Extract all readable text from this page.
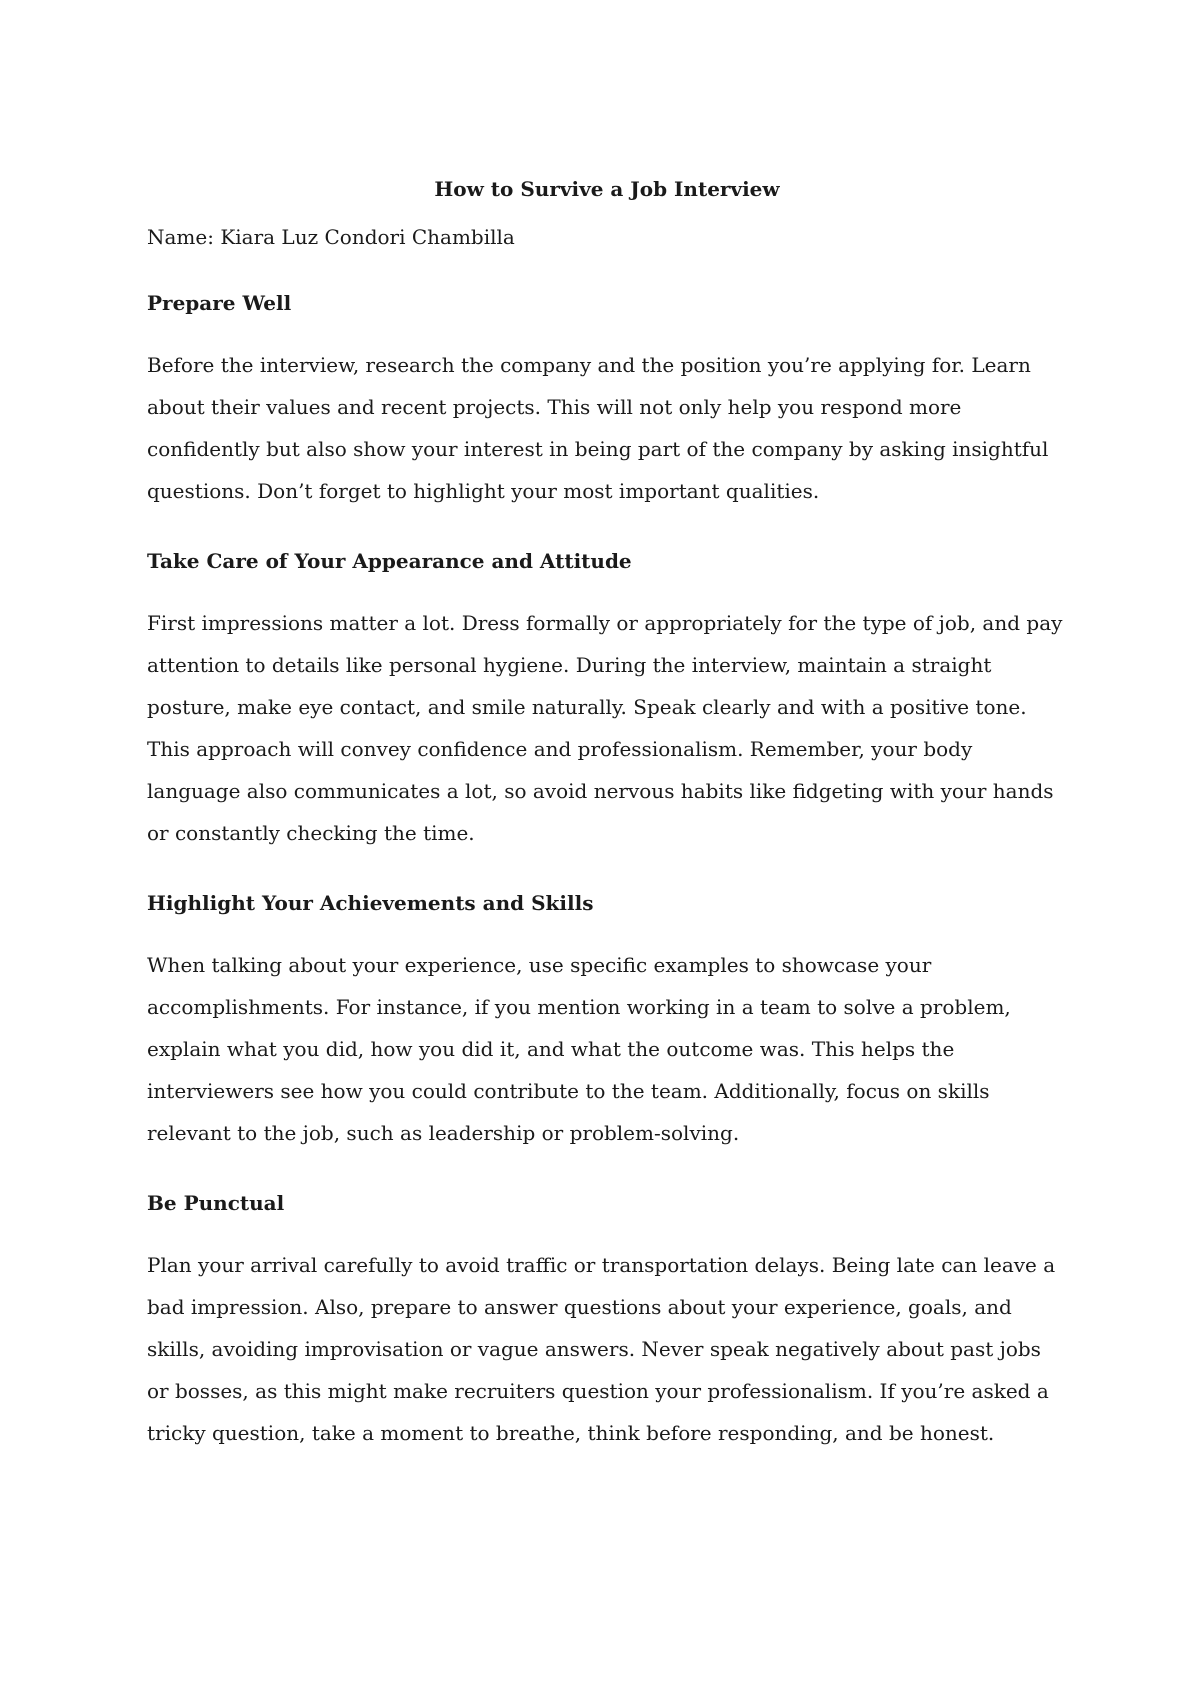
How to Survive a Job Interview

Name: Kiara Luz Condori Chambilla

Prepare Well

Before the interview, research the company and the position you’re applying for. Learn about their values and recent projects. This will not only help you respond more confidently but also show your interest in being part of the company by asking insightful questions. Don’t forget to highlight your most important qualities.

Take Care of Your Appearance and Attitude

First impressions matter a lot. Dress formally or appropriately for the type of job, and pay attention to details like personal hygiene. During the interview, maintain a straight posture, make eye contact, and smile naturally. Speak clearly and with a positive tone. This approach will convey confidence and professionalism. Remember, your body language also communicates a lot, so avoid nervous habits like fidgeting with your hands or constantly checking the time.

Highlight Your Achievements and Skills

When talking about your experience, use specific examples to showcase your accomplishments. For instance, if you mention working in a team to solve a problem, explain what you did, how you did it, and what the outcome was. This helps the interviewers see how you could contribute to the team. Additionally, focus on skills relevant to the job, such as leadership or problem-solving.

Be Punctual

Plan your arrival carefully to avoid traffic or transportation delays. Being late can leave a bad impression. Also, prepare to answer questions about your experience, goals, and skills, avoiding improvisation or vague answers. Never speak negatively about past jobs or bosses, as this might make recruiters question your professionalism. If you’re asked a tricky question, take a moment to breathe, think before responding, and be honest.
